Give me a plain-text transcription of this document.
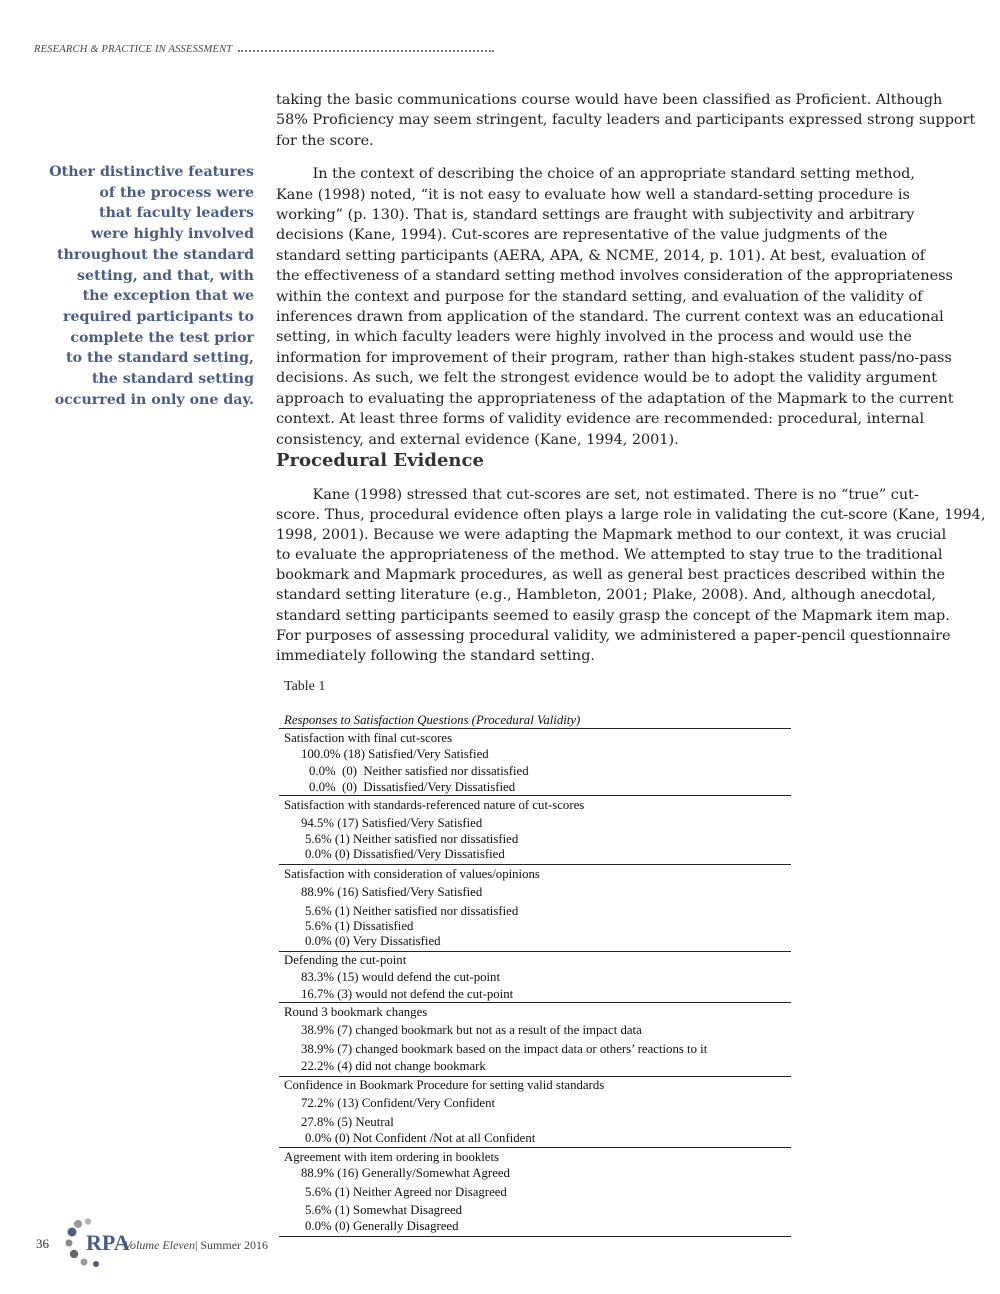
RESEARCH & PRACTICE IN ASSESSMENT
Other distinctive features
of the process were
that faculty leaders
were highly involved
throughout the standard
setting, and that, with
the exception that we
required participants to
complete the test prior
to the standard setting,
the standard setting
occurred in only one day.
taking the basic communications course would have been classified as Proficient. Although
58% Proficiency may seem stringent, faculty leaders and participants expressed strong support
for the score.
In the context of describing the choice of an appropriate standard setting method,
Kane (1998) noted, “it is not easy to evaluate how well a standard-setting procedure is
working” (p. 130). That is, standard settings are fraught with subjectivity and arbitrary
decisions (Kane, 1994). Cut-scores are representative of the value judgments of the
standard setting participants (AERA, APA, & NCME, 2014, p. 101). At best, evaluation of
the effectiveness of a standard setting method involves consideration of the appropriateness
within the context and purpose for the standard setting, and evaluation of the validity of
inferences drawn from application of the standard. The current context was an educational
setting, in which faculty leaders were highly involved in the process and would use the
information for improvement of their program, rather than high-stakes student pass/no-pass
decisions. As such, we felt the strongest evidence would be to adopt the validity argument
approach to evaluating the appropriateness of the adaptation of the Mapmark to the current
context. At least three forms of validity evidence are recommended: procedural, internal
consistency, and external evidence (Kane, 1994, 2001).
Procedural Evidence
Kane (1998) stressed that cut-scores are set, not estimated. There is no “true” cut-
score. Thus, procedural evidence often plays a large role in validating the cut-score (Kane, 1994,
1998, 2001). Because we were adapting the Mapmark method to our context, it was crucial
to evaluate the appropriateness of the method. We attempted to stay true to the traditional
bookmark and Mapmark procedures, as well as general best practices described within the
standard setting literature (e.g., Hambleton, 2001; Plake, 2008). And, although anecdotal,
standard setting participants seemed to easily grasp the concept of the Mapmark item map.
For purposes of assessing procedural validity, we administered a paper-pencil questionnaire
immediately following the standard setting.
Table 1
Responses to Satisfaction Questions (Procedural Validity)
Satisfaction with final cut-scores
100.0% (18) Satisfied/Very Satisfied
0.0%  (0)  Neither satisfied nor dissatisfied
0.0%  (0)  Dissatisfied/Very Dissatisfied
Satisfaction with standards-referenced nature of cut-scores
94.5% (17) Satisfied/Very Satisfied
5.6% (1) Neither satisfied nor dissatisfied
0.0% (0) Dissatisfied/Very Dissatisfied
Satisfaction with consideration of values/opinions
88.9% (16) Satisfied/Very Satisfied
5.6% (1) Neither satisfied nor dissatisfied
5.6% (1) Dissatisfied
0.0% (0) Very Dissatisfied
Defending the cut-point
83.3% (15) would defend the cut-point
16.7% (3) would not defend the cut-point
Round 3 bookmark changes
38.9% (7) changed bookmark but not as a result of the impact data
38.9% (7) changed bookmark based on the impact data or others’ reactions to it
22.2% (4) did not change bookmark
Confidence in Bookmark Procedure for setting valid standards
72.2% (13) Confident/Very Confident
27.8% (5) Neutral
0.0% (0) Not Confident /Not at all Confident
Agreement with item ordering in booklets
88.9% (16) Generally/Somewhat Agreed
5.6% (1) Neither Agreed nor Disagreed
5.6% (1) Somewhat Disagreed
0.0% (0) Generally Disagreed
36 RPA
Volume Eleven| Summer 2016
